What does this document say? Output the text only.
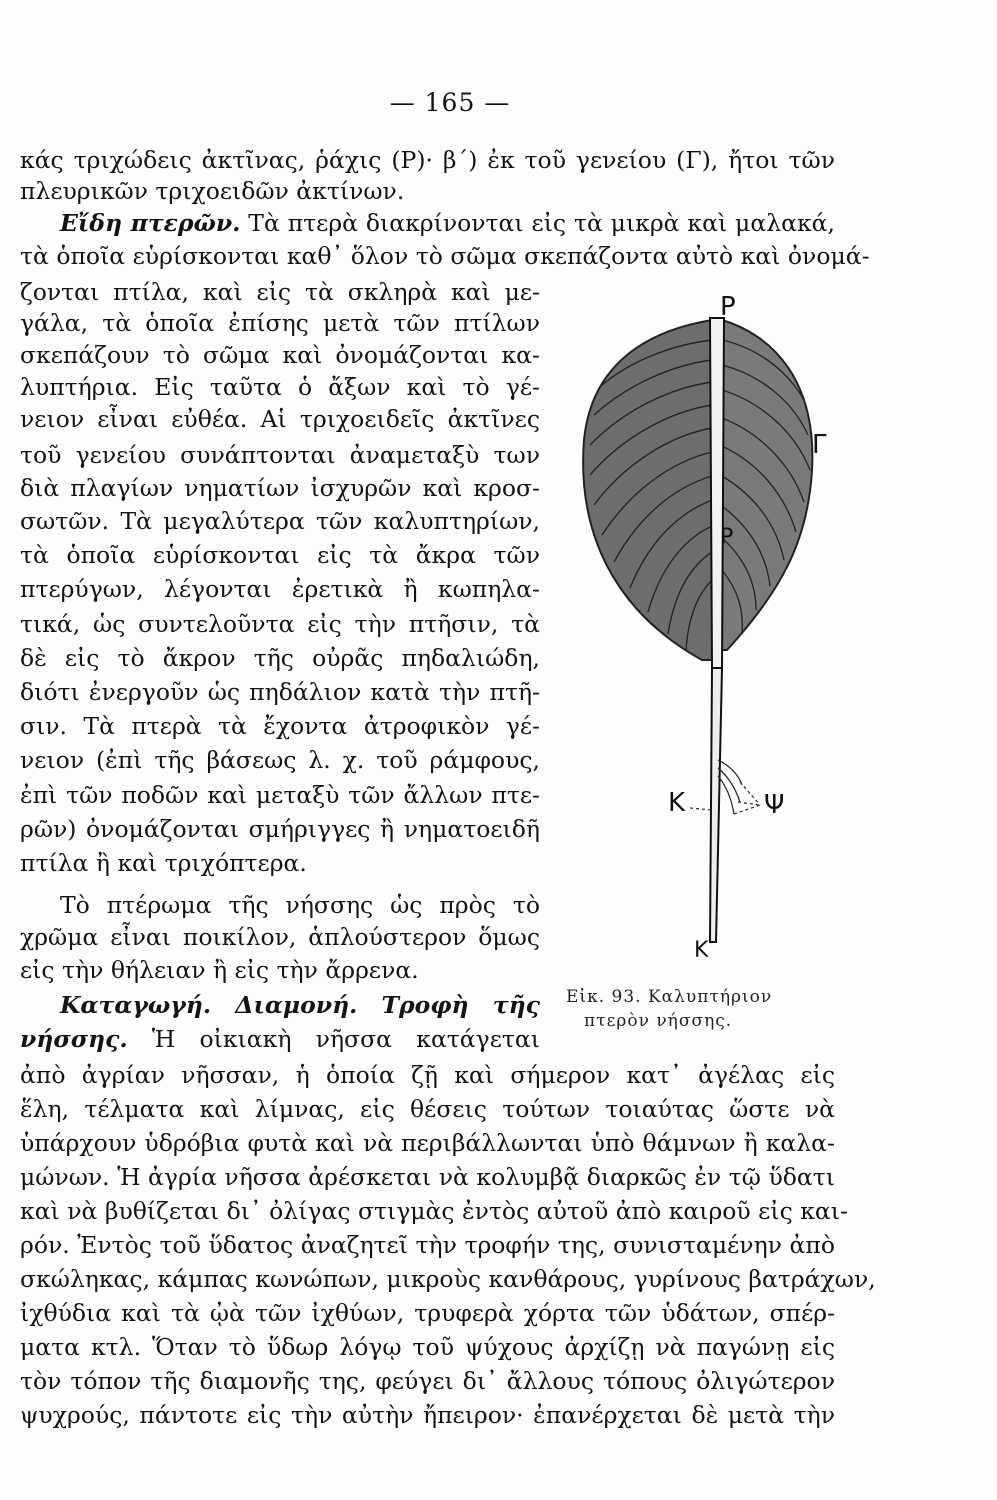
— 165 —
κάς τριχώδεις ἀκτῖνας, ῥάχις (Ρ)· β΄) ἐκ τοῦ γενείου (Γ), ἤτοι τῶν
πλευρικῶν τριχοειδῶν ἀκτίνων.
Εἴδη πτερῶν. Τὰ πτερὰ διακρίνονται εἰς τὰ μικρὰ καὶ μαλακά,
τὰ ὁποῖα εὑρίσκονται καθ᾽ ὅλον τὸ σῶμα σκεπάζοντα αὐτὸ καὶ ὀνομά-
ζονται πτίλα, καὶ εἰς τὰ σκληρὰ καὶ με-
γάλα, τὰ ὁποῖα ἐπίσης μετὰ τῶν πτίλων
σκεπάζουν τὸ σῶμα καὶ ὀνομάζονται κα-
λυπτήρια. Εἰς ταῦτα ὁ ἄξων καὶ τὸ γέ-
νειον εἶναι εὐθέα. Αἱ τριχοειδεῖς ἀκτῖνες
τοῦ γενείου συνάπτονται ἀναμεταξὺ των
διὰ πλαγίων νηματίων ἰσχυρῶν καὶ κροσ-
σωτῶν. Τὰ μεγαλύτερα τῶν καλυπτηρίων,
τὰ ὁποῖα εὑρίσκονται εἰς τὰ ἄκρα τῶν
πτερύγων, λέγονται ἐρετικὰ ἢ κωπηλα-
τικά, ὡς συντελοῦντα εἰς τὴν πτῆσιν, τὰ
δὲ εἰς τὸ ἄκρον τῆς οὐρᾶς πηδαλιώδη,
διότι ἐνεργοῦν ὡς πηδάλιον κατὰ τὴν πτῆ-
σιν. Τὰ πτερὰ τὰ ἔχοντα ἀτροφικὸν γέ-
νειον (ἐπὶ τῆς βάσεως λ. χ. τοῦ ράμφους,
ἐπὶ τῶν ποδῶν καὶ μεταξὺ τῶν ἄλλων πτε-
ρῶν) ὀνομάζονται σμήριγγες ἢ νηματοειδῆ
πτίλα ἢ καὶ τριχόπτερα.
Τὸ πτέρωμα τῆς νήσσης ὡς πρὸς τὸ
χρῶμα εἶναι ποικίλον, ἁπλούστερον ὅμως
εἰς τὴν θήλειαν ἢ εἰς τὴν ἄρρενα.
Καταγωγή. Διαμονή. Τροφὴ τῆς
νήσσης. Ἡ οἰκιακὴ νῆσσα κατάγεται
ἀπὸ ἀγρίαν νῆσσαν, ἡ ὁποία ζῇ καὶ σήμερον κατ᾽ ἀγέλας εἰς
ἕλη, τέλματα καὶ λίμνας, εἰς θέσεις τούτων τοιαύτας ὥστε νὰ
ὑπάρχουν ὑδρόβια φυτὰ καὶ νὰ περιβάλλωνται ὑπὸ θάμνων ἢ καλα-
μώνων. Ἡ ἀγρία νῆσσα ἀρέσκεται νὰ κολυμβᾷ διαρκῶς ἐν τῷ ὕδατι
καὶ νὰ βυθίζεται δι᾽ ὀλίγας στιγμὰς ἐντὸς αὐτοῦ ἀπὸ καιροῦ εἰς και-
ρόν. Ἐντὸς τοῦ ὕδατος ἀναζητεῖ τὴν τροφήν της, συνισταμένην ἀπὸ
σκώληκας, κάμπας κωνώπων, μικροὺς κανθάρους, γυρίνους βατράχων,
ἰχθύδια καὶ τὰ ᾠὰ τῶν ἰχθύων, τρυφερὰ χόρτα τῶν ὑδάτων, σπέρ-
ματα κτλ. Ὅταν τὸ ὕδωρ λόγῳ τοῦ ψύχους ἀρχίζῃ νὰ παγώνῃ εἰς
τὸν τόπον τῆς διαμονῆς της, φεύγει δι᾽ ἄλλους τόπους ὀλιγώτερον
ψυχρούς, πάντοτε εἰς τὴν αὐτὴν ἤπειρον· ἐπανέρχεται δὲ μετὰ τὴν
Ρ
Γ
Ρ
Κ	Ψ
Κ
Εἰκ. 93. Καλυπτήριον
πτερὸν νήσσης.
